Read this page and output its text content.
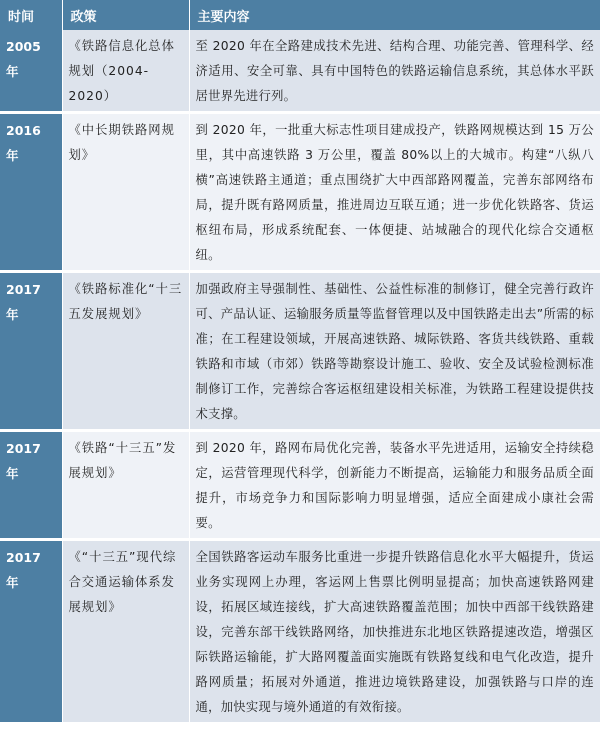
时间	政策	主要内容
2005 年	《铁路信息化总体规划（2004-2020）	至 2020 年在全路建成技术先进、结构合理、功能完善、管理科学、经济适用、安全可靠、具有中国特色的铁路运输信息系统，其总体水平跃居世界先进行列。
2016 年	《中长期铁路网规划》	到 2020 年，一批重大标志性项目建成投产，铁路网规模达到 15 万公里，其中高速铁路 3 万公里，覆盖 80%以上的大城市。构建“八纵八横”高速铁路主通道；重点围绕扩大中西部路网覆盖，完善东部网络布局，提升既有路网质量，推进周边互联互通；进一步优化铁路客、货运枢纽布局，形成系统配套、一体便捷、站城融合的现代化综合交通枢纽。
2017 年	《铁路标准化“十三五发展规划》	加强政府主导强制性、基础性、公益性标准的制修订，健全完善行政许可、产品认证、运输服务质量等监督管理以及中国铁路走出去”所需的标准；在工程建设领域，开展高速铁路、城际铁路、客货共线铁路、重载铁路和市域（市郊）铁路等勘察设计施工、验收、安全及试验检测标准制修订工作，完善综合客运枢纽建设相关标准，为铁路工程建设提供技术支撑。
2017 年	《铁路“十三五”发展规划》	到 2020 年，路网布局优化完善，装备水平先进适用，运输安全持续稳定，运营管理现代科学，创新能力不断提高，运输能力和服务品质全面提升，市场竞争力和国际影响力明显增强，适应全面建成小康社会需要。
2017 年	《“十三五”现代综合交通运输体系发展规划》	全国铁路客运动车服务比重进一步提升铁路信息化水平大幅提升，货运业务实现网上办理，客运网上售票比例明显提高；加快高速铁路网建设，拓展区域连接线，扩大高速铁路覆盖范围；加快中西部干线铁路建设，完善东部干线铁路网络，加快推进东北地区铁路提速改造，增强区际铁路运输能，扩大路网覆盖面实施既有铁路复线和电气化改造，提升路网质量；拓展对外通道，推进边境铁路建设，加强铁路与口岸的连通，加快实现与境外通道的有效衔接。
